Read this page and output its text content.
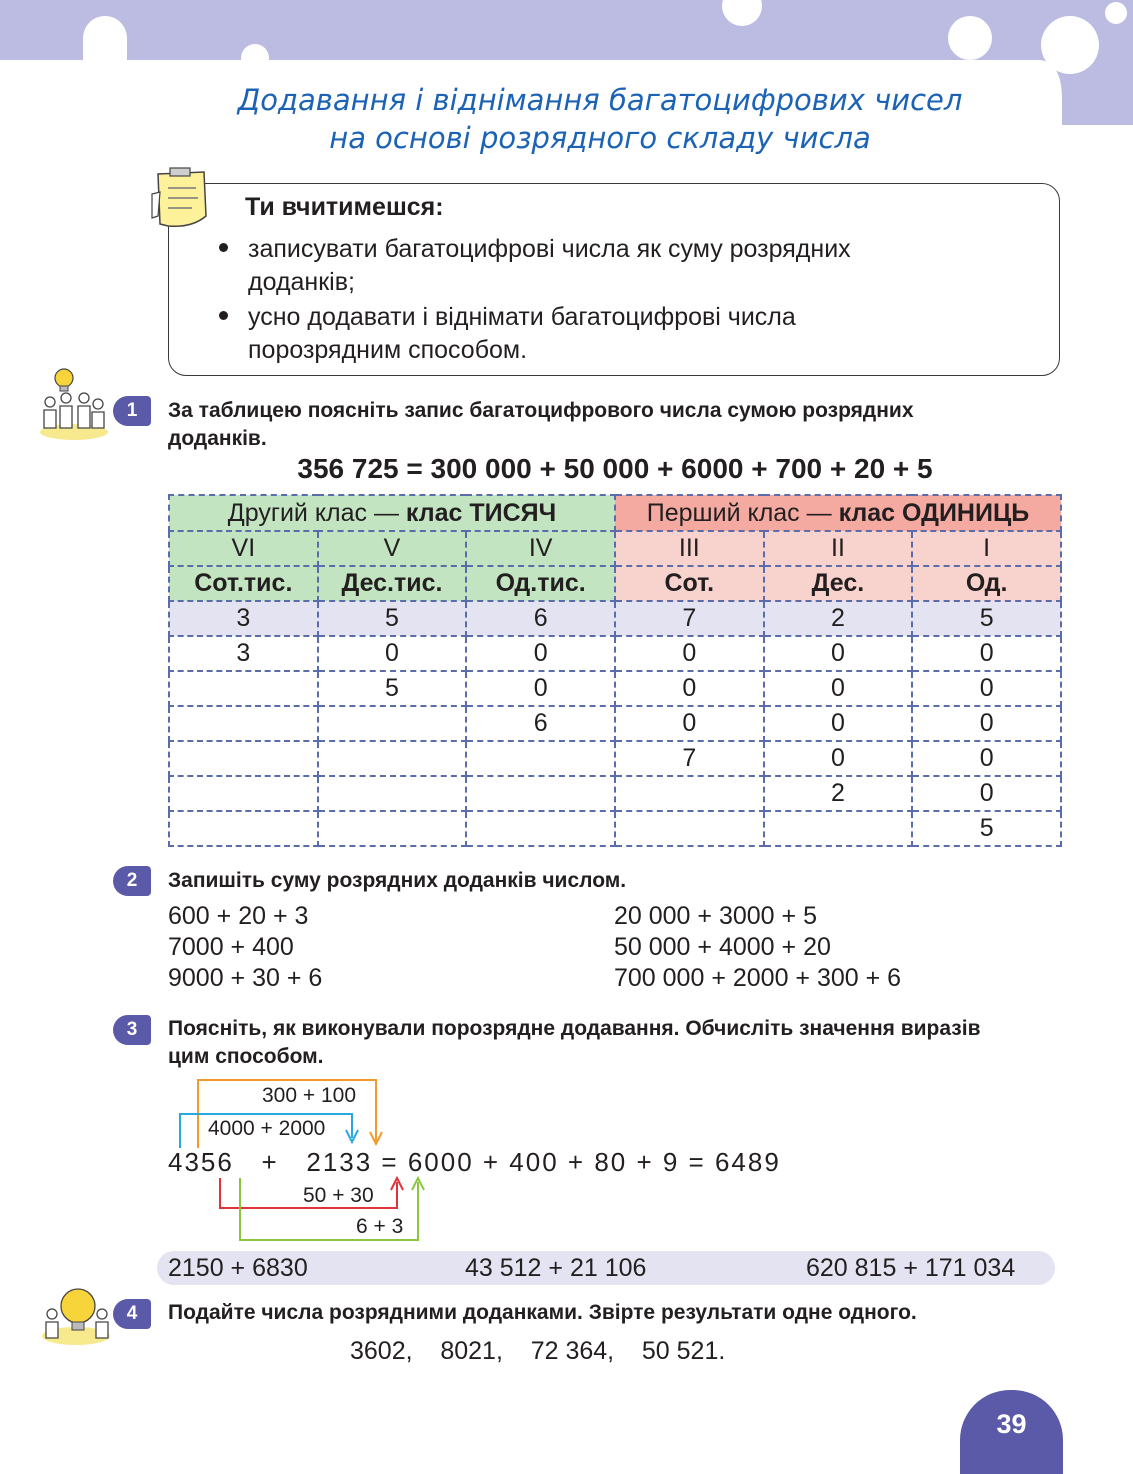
Додавання і віднімання багатоцифрових чисел
на основі розрядного складу числа
Ти вчитимешся:
записувати багатоцифрові числа як суму розрядних
доданків;
усно додавати і віднімати багатоцифрові числа
порозрядним способом.
1	За таблицею поясніть запис багатоцифрового числа сумою розрядних
доданків.
356 725 = 300 000 + 50 000 + 6000 + 700 + 20 + 5
Другий клас — клас ТИСЯЧ			Перший клас — клас ОДИНИЦЬ		
VI	V	IV	III	II	I
Сот.тис.	Дес.тис.	Од.тис.	Сот.	Дес.	Од.
3	5	6	7	2	5
3	0	0	0	0	0
	5	0	0	0	0
		6	0	0	0
			7	0	0
				2	0
					5
2	Запишіть суму розрядних доданків числом.
600 + 20 + 3
7000 + 400
9000 + 30 + 6
20 000 + 3000 + 5
50 000 + 4000 + 20
700 000 + 2000 + 300 + 6
3	Поясніть, як виконували порозрядне додавання. Обчисліть значення виразів
цим способом.
300 + 100
4000 + 2000
4356   +   2133 = 6000 + 400 + 80 + 9 = 6489
50 + 30
6 + 3
2150 + 6830	43 512 + 21 106	620 815 + 171 034
4	Подайте числа розрядними доданками. Звірте результати одне одного.
3602,    8021,    72 364,    50 521.
39
